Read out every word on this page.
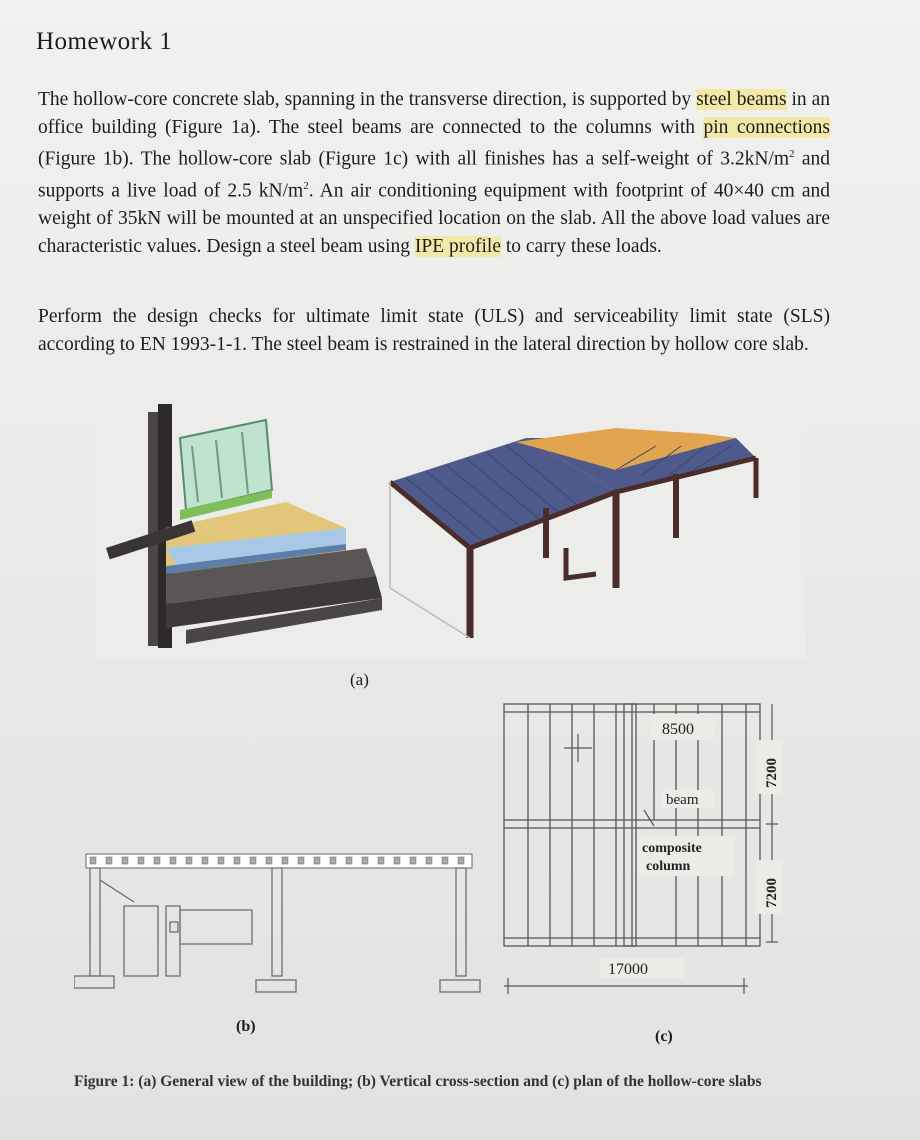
Homework 1
The hollow-core concrete slab, spanning in the transverse direction, is supported by steel beams in an office building (Figure 1a). The steel beams are connected to the columns with pin connections (Figure 1b). The hollow-core slab (Figure 1c) with all finishes has a self-weight of $3.2kN/m^2$ and supports a live load of 2.5 $kN/m^2$. An air conditioning equipment with footprint of 40×40 cm and weight of 35kN will be mounted at an unspecified location on the slab. All the above load values are characteristic values. Design a steel beam using IPE profile to carry these loads.
Perform the design checks for ultimate limit state (ULS) and serviceability limit state (SLS) according to EN 1993-1-1. The steel beam is restrained in the lateral direction by hollow core slab.
(a)
(b)
8500
beam
composite
column
17000
7200
7200
(c)
Figure 1: (a) General view of the building; (b) Vertical cross-section and (c) plan of the hollow-core slabs
